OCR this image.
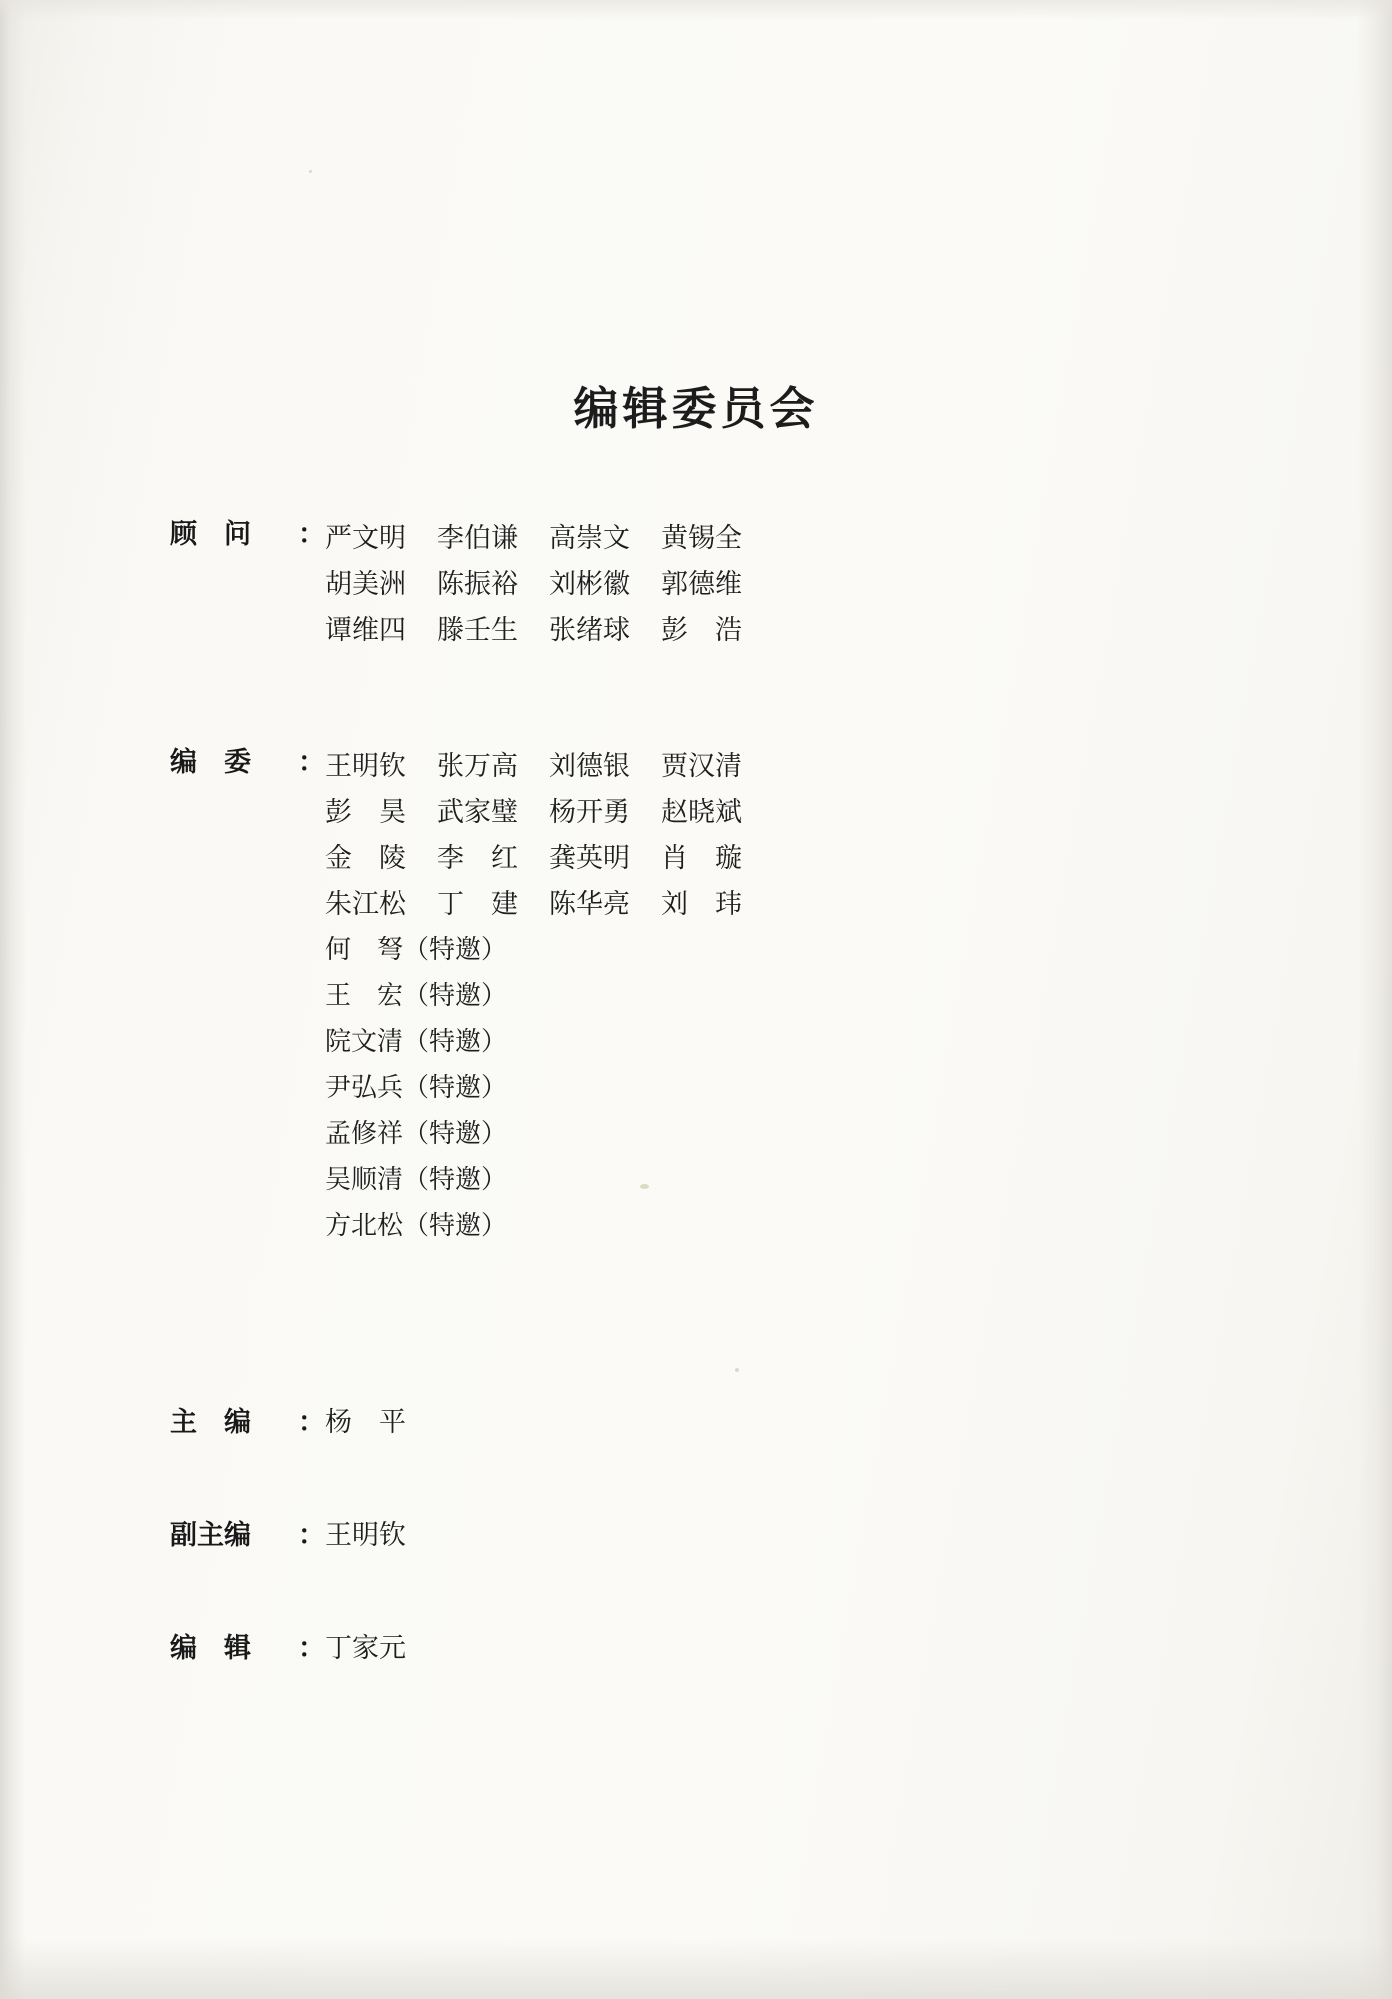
编辑委员会
顾　问	： 严文明	李伯谦	高崇文	黄锡全
胡美洲	陈振裕	刘彬徽	郭德维
谭维四	滕壬生	张绪球	彭　浩
编　委	： 王明钦	张万高	刘德银	贾汉清
彭　昊	武家璧	杨开勇	赵晓斌
金　陵	李　红	龚英明	肖　璇
朱江松	丁　建	陈华亮	刘　玮
何　弩（特邀）
王　宏（特邀）
院文清（特邀）
尹弘兵（特邀）
孟修祥（特邀）
吴顺清（特邀）
方北松（特邀）
主　编	： 杨　平
副主编	： 王明钦
编　辑	： 丁家元
